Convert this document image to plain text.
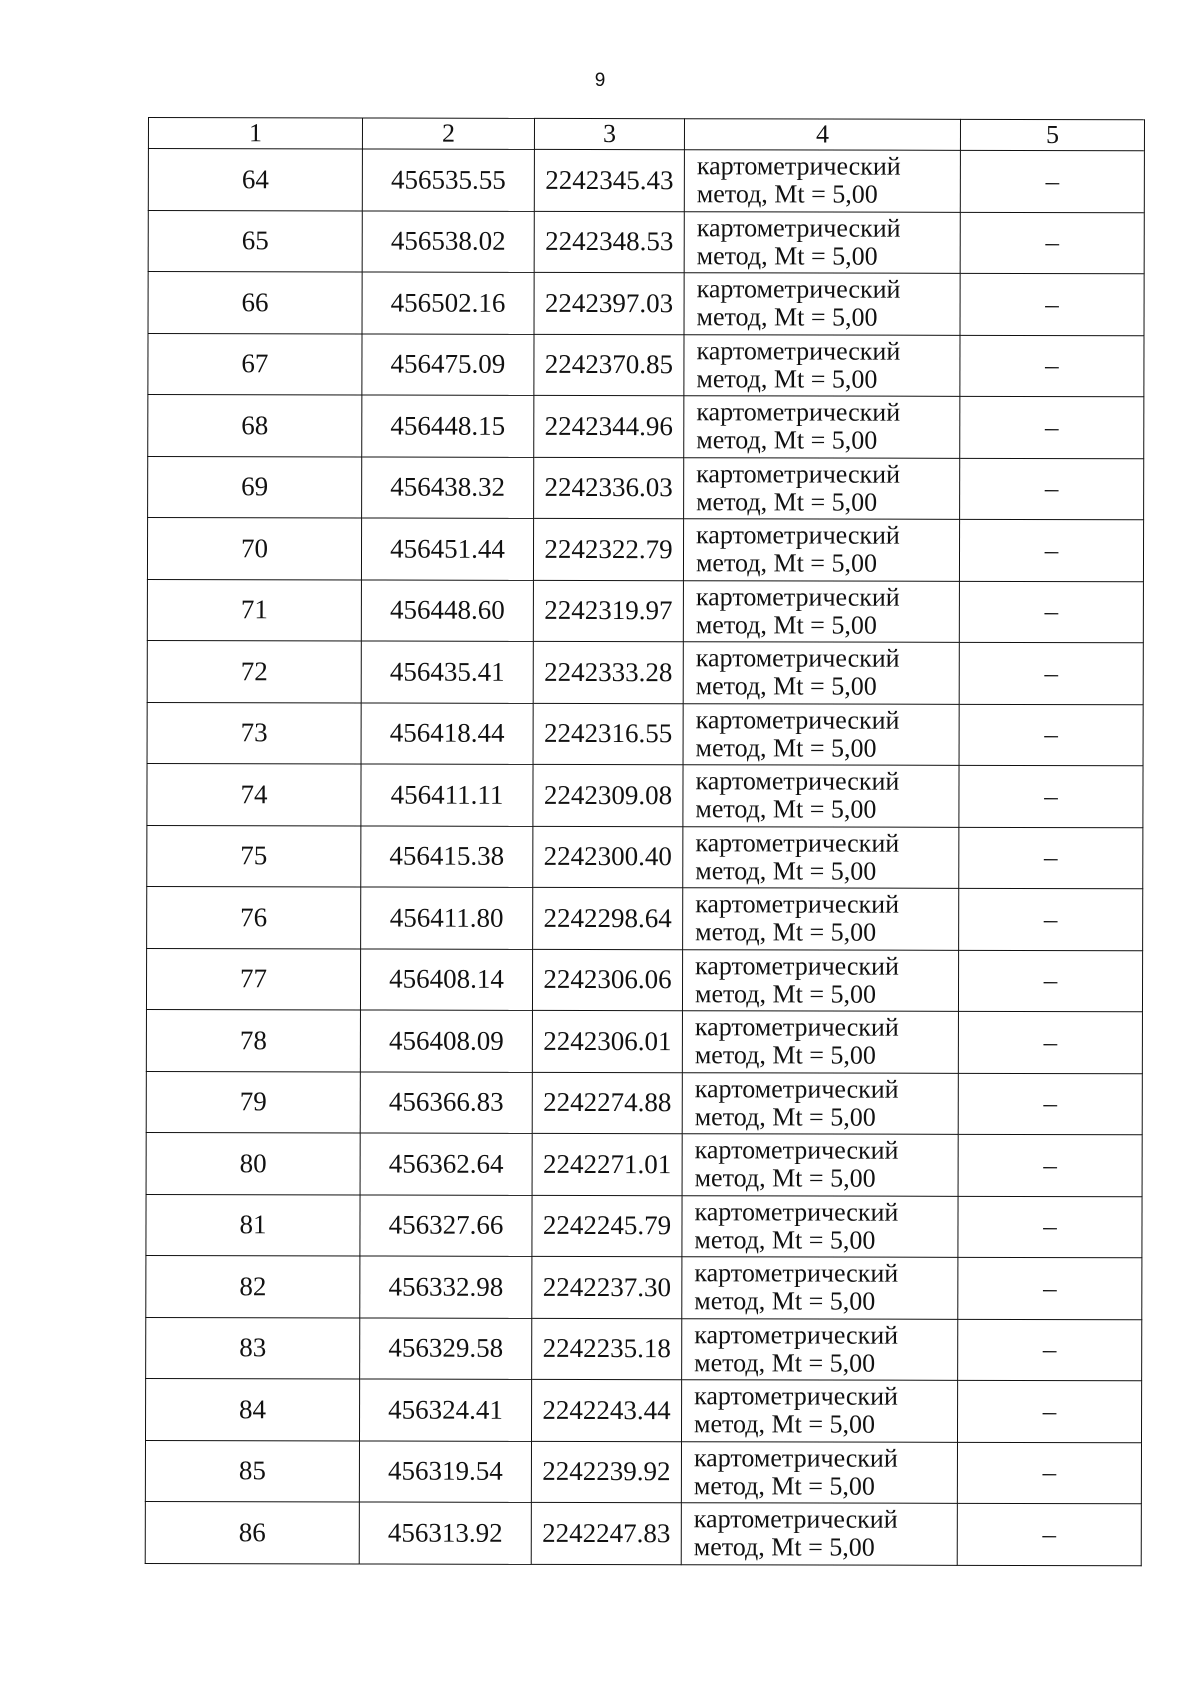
9
1	2	3	4	5
64	456535.55	2242345.43	картометрический
метод, Mt = 5,00	–
65	456538.02	2242348.53	картометрический
метод, Mt = 5,00	–
66	456502.16	2242397.03	картометрический
метод, Mt = 5,00	–
67	456475.09	2242370.85	картометрический
метод, Mt = 5,00	–
68	456448.15	2242344.96	картометрический
метод, Mt = 5,00	–
69	456438.32	2242336.03	картометрический
метод, Mt = 5,00	–
70	456451.44	2242322.79	картометрический
метод, Mt = 5,00	–
71	456448.60	2242319.97	картометрический
метод, Mt = 5,00	–
72	456435.41	2242333.28	картометрический
метод, Mt = 5,00	–
73	456418.44	2242316.55	картометрический
метод, Mt = 5,00	–
74	456411.11	2242309.08	картометрический
метод, Mt = 5,00	–
75	456415.38	2242300.40	картометрический
метод, Mt = 5,00	–
76	456411.80	2242298.64	картометрический
метод, Mt = 5,00	–
77	456408.14	2242306.06	картометрический
метод, Mt = 5,00	–
78	456408.09	2242306.01	картометрический
метод, Mt = 5,00	–
79	456366.83	2242274.88	картометрический
метод, Mt = 5,00	–
80	456362.64	2242271.01	картометрический
метод, Mt = 5,00	–
81	456327.66	2242245.79	картометрический
метод, Mt = 5,00	–
82	456332.98	2242237.30	картометрический
метод, Mt = 5,00	–
83	456329.58	2242235.18	картометрический
метод, Mt = 5,00	–
84	456324.41	2242243.44	картометрический
метод, Mt = 5,00	–
85	456319.54	2242239.92	картометрический
метод, Mt = 5,00	–
86	456313.92	2242247.83	картометрический
метод, Mt = 5,00	–
